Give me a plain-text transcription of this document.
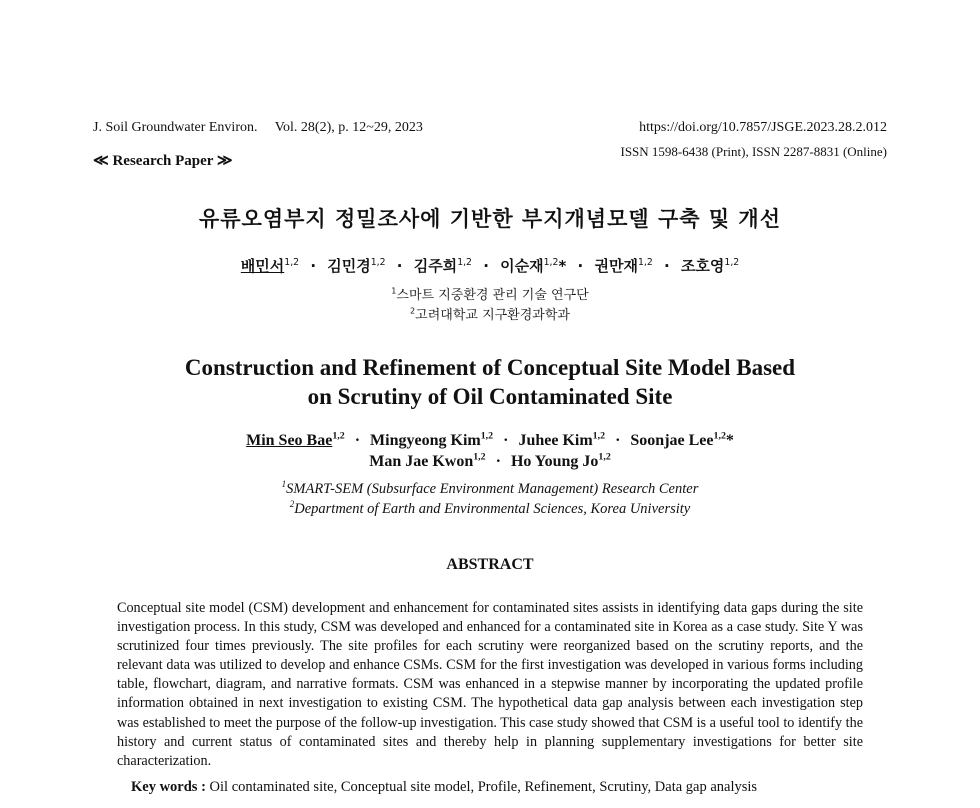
J. Soil Groundwater Environ. Vol. 28(2), p. 12~29, 2023	https://doi.org/10.7857/JSGE.2023.28.2.012
ISSN 1598-6438 (Print), ISSN 2287-8831 (Online)
≪ Research Paper ≫
유류오염부지 정밀조사에 기반한 부지개념모델 구축 및 개선
배민서$^{1,2}$ · 김민경$^{1,2}$ · 김주희$^{1,2}$ · 이순재$^{1,2}$* · 권만재$^{1,2}$ · 조호영$^{1,2}$
$^1$스마트 지중환경 관리 기술 연구단
$^2$고려대학교 지구환경과학과
Construction and Refinement of Conceptual Site Model Based
on Scrutiny of Oil Contaminated Site
Min Seo Bae$^{1,2}$ · Mingyeong Kim$^{1,2}$ · Juhee Kim$^{1,2}$ · Soonjae Lee$^{1,2}$*
Man Jae Kwon$^{1,2}$ · Ho Young Jo$^{1,2}$
$^1$SMART-SEM (Subsurface Environment Management) Research Center
$^2$Department of Earth and Environmental Sciences, Korea University
ABSTRACT
Conceptual site model (CSM) development and enhancement for contaminated sites assists in identifying data gaps during the site investigation process. In this study, CSM was developed and enhanced for a contaminated site in Korea as a case study. Site Y was scrutinized four times previously. The site profiles for each scrutiny were reorganized based on the scrutiny reports, and the relevant data was utilized to develop and enhance CSMs. CSM for the first investigation was developed in various forms including table, flowchart, diagram, and narrative formats. CSM was enhanced in a stepwise manner by incorporating the updated profile information obtained in next investigation to existing CSM. The hypothetical data gap analysis between each investigation step was established to meet the purpose of the follow-up investigation. This case study showed that CSM is a useful tool to identify the history and current status of contaminated sites and thereby help in planning supplementary investigations for better site characterization.
Key words : Oil contaminated site, Conceptual site model, Profile, Refinement, Scrutiny, Data gap analysis
